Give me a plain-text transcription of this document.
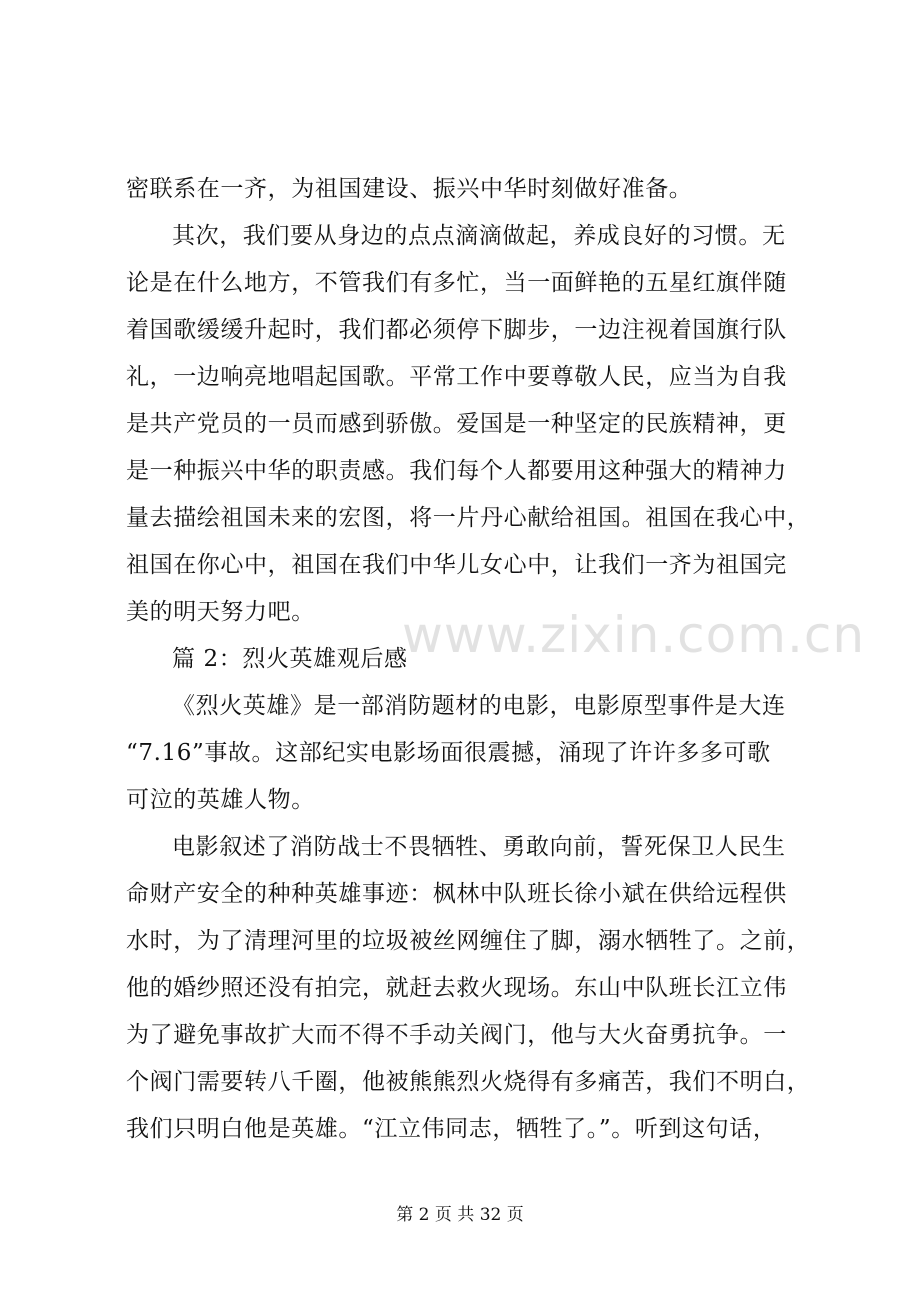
密联系在一齐，为祖国建设、振兴中华时刻做好准备。
其次，我们要从身边的点点滴滴做起，养成良好的习惯。无
论是在什么地方，不管我们有多忙，当一面鲜艳的五星红旗伴随
着国歌缓缓升起时，我们都必须停下脚步，一边注视着国旗行队
礼，一边响亮地唱起国歌。平常工作中要尊敬人民，应当为自我
是共产党员的一员而感到骄傲。爱国是一种坚定的民族精神，更
是一种振兴中华的职责感。我们每个人都要用这种强大的精神力
量去描绘祖国未来的宏图，将一片丹心献给祖国。祖国在我心中，
祖国在你心中，祖国在我们中华儿女心中，让我们一齐为祖国完
美的明天努力吧。
篇 2：烈火英雄观后感
《烈火英雄》是一部消防题材的电影，电影原型事件是大连
“7.16”事故。这部纪实电影场面很震撼，涌现了许许多多可歌
可泣的英雄人物。
电影叙述了消防战士不畏牺牲、勇敢向前，誓死保卫人民生
命财产安全的种种英雄事迹：枫林中队班长徐小斌在供给远程供
水时，为了清理河里的垃圾被丝网缠住了脚，溺水牺牲了。之前，
他的婚纱照还没有拍完，就赶去救火现场。东山中队班长江立伟
为了避免事故扩大而不得不手动关阀门，他与大火奋勇抗争。一
个阀门需要转八千圈，他被熊熊烈火烧得有多痛苦，我们不明白，
我们只明白他是英雄。“江立伟同志，牺牲了。”。听到这句话，
www.zixin.com.cn
第 2 页 共 32 页
